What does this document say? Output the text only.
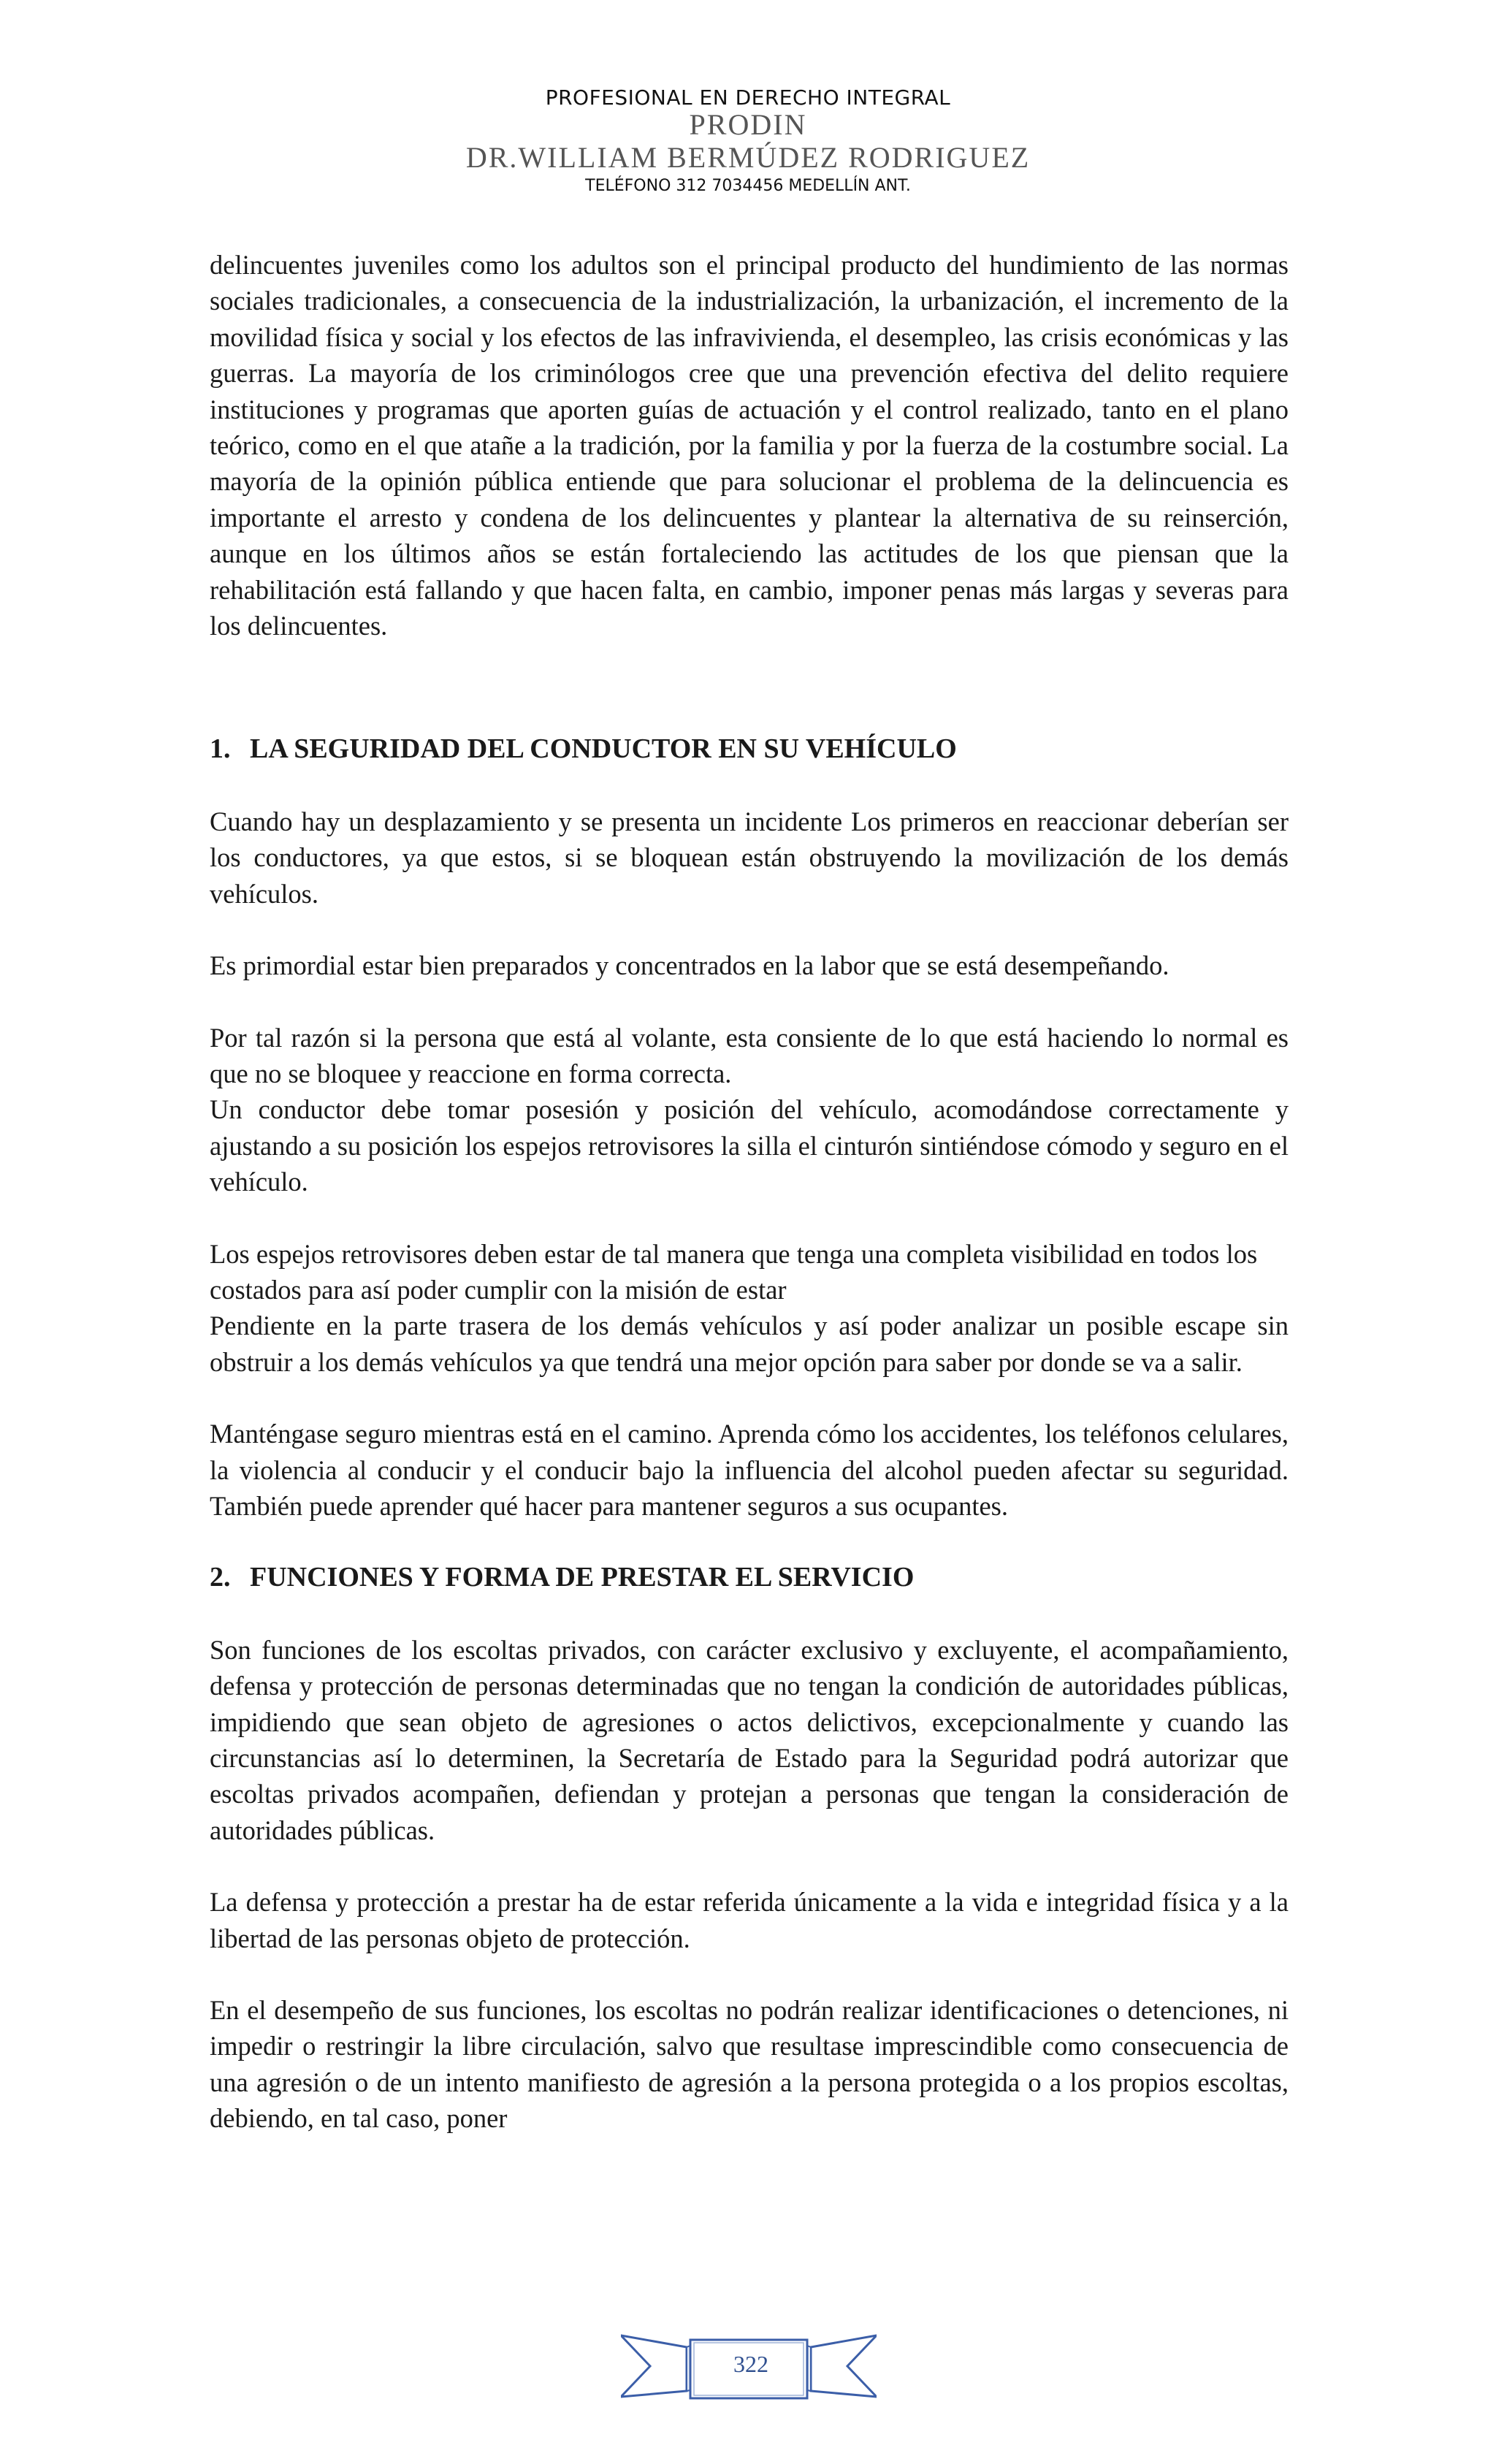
PROFESIONAL EN DERECHO INTEGRAL
PRODIN
DR.WILLIAM BERMÚDEZ RODRIGUEZ
TELÉFONO 312 7034456 MEDELLÍN ANT.

delincuentes juveniles como los adultos son el principal producto del hundimiento de las normas sociales tradicionales, a consecuencia de la industrialización, la urbanización, el incremento de la movilidad física y social y los efectos de las infravivienda, el desempleo, las crisis económicas y las guerras. La mayoría de los criminólogos cree que una prevención efectiva del delito requiere instituciones y programas que aporten guías de actuación y el control realizado, tanto en el plano teórico, como en el que atañe a la tradición, por la familia y por la fuerza de la costumbre social. La mayoría de la opinión pública entiende que para solucionar el problema de la delincuencia es importante el arresto y condena de los delincuentes y plantear la alternativa de su reinserción, aunque en los últimos años se están fortaleciendo las actitudes de los que piensan que la rehabilitación está fallando y que hacen falta, en cambio, imponer penas más largas y severas para los delincuentes.

1. LA SEGURIDAD DEL CONDUCTOR EN SU VEHÍCULO

Cuando hay un desplazamiento y se presenta un incidente Los primeros en reaccionar deberían ser los conductores, ya que estos, si se bloquean están obstruyendo la movilización de los demás vehículos.

Es primordial estar bien preparados y concentrados en la labor que se está desempeñando.

Por tal razón si la persona que está al volante, esta consiente de lo que está haciendo lo normal es que no se bloquee y reaccione en forma correcta.

Un conductor debe tomar posesión y posición del vehículo, acomodándose correctamente y ajustando a su posición los espejos retrovisores la silla el cinturón sintiéndose cómodo y seguro en el vehículo.

Los espejos retrovisores deben estar de tal manera que tenga una completa visibilidad en todos los costados para así poder cumplir con la misión de estar

Pendiente en la parte trasera de los demás vehículos y así poder analizar un posible escape sin obstruir a los demás vehículos ya que tendrá una mejor opción para saber por donde se va a salir.

Manténgase seguro mientras está en el camino. Aprenda cómo los accidentes, los teléfonos celulares, la violencia al conducir y el conducir bajo la influencia del alcohol pueden afectar su seguridad. También puede aprender qué hacer para mantener seguros a sus ocupantes.

2. FUNCIONES Y FORMA DE PRESTAR EL SERVICIO

Son funciones de los escoltas privados, con carácter exclusivo y excluyente, el acompañamiento, defensa y protección de personas determinadas que no tengan la condición de autoridades públicas, impidiendo que sean objeto de agresiones o actos delictivos, excepcionalmente y cuando las circunstancias así lo determinen, la Secretaría de Estado para la Seguridad podrá autorizar que escoltas privados acompañen, defiendan y protejan a personas que tengan la consideración de autoridades públicas.

La defensa y protección a prestar ha de estar referida únicamente a la vida e integridad física y a la libertad de las personas objeto de protección.

En el desempeño de sus funciones, los escoltas no podrán realizar identificaciones o detenciones, ni impedir o restringir la libre circulación, salvo que resultase imprescindible como consecuencia de una agresión o de un intento manifiesto de agresión a la persona protegida o a los propios escoltas, debiendo, en tal caso, poner

322
